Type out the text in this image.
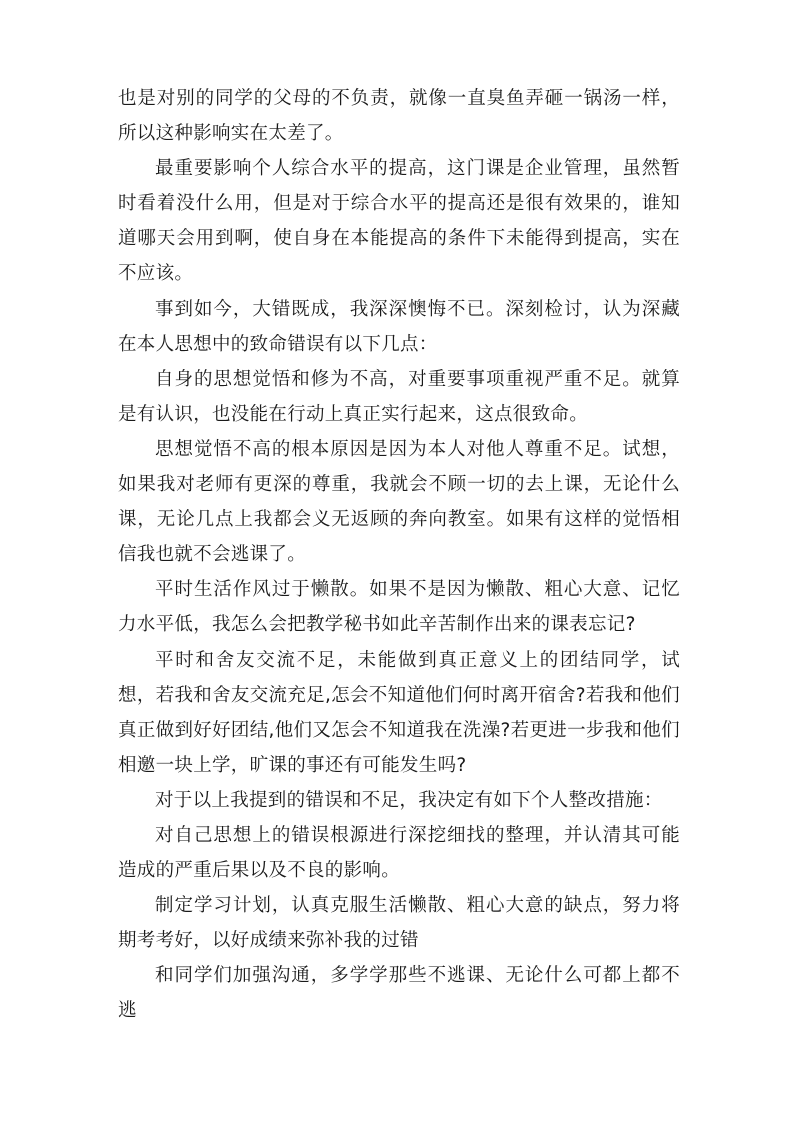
也是对别的同学的父母的不负责，就像一直臭鱼弄砸一锅汤一样，所以这种影响实在太差了。

最重要影响个人综合水平的提高，这门课是企业管理，虽然暂时看着没什么用，但是对于综合水平的提高还是很有效果的，谁知道哪天会用到啊，使自身在本能提高的条件下未能得到提高，实在不应该。

事到如今，大错既成，我深深懊悔不已。深刻检讨，认为深藏在本人思想中的致命错误有以下几点：

自身的思想觉悟和修为不高，对重要事项重视严重不足。就算是有认识，也没能在行动上真正实行起来，这点很致命。

思想觉悟不高的根本原因是因为本人对他人尊重不足。试想，如果我对老师有更深的尊重，我就会不顾一切的去上课，无论什么课，无论几点上我都会义无返顾的奔向教室。如果有这样的觉悟相信我也就不会逃课了。

平时生活作风过于懒散。如果不是因为懒散、粗心大意、记忆力水平低，我怎么会把教学秘书如此辛苦制作出来的课表忘记?

平时和舍友交流不足，未能做到真正意义上的团结同学，试想，若我和舍友交流充足,怎会不知道他们何时离开宿舍?若我和他们真正做到好好团结,他们又怎会不知道我在洗澡?若更进一步我和他们相邀一块上学，旷课的事还有可能发生吗?

对于以上我提到的错误和不足，我决定有如下个人整改措施：

对自己思想上的错误根源进行深挖细找的整理，并认清其可能造成的严重后果以及不良的影响。

制定学习计划，认真克服生活懒散、粗心大意的缺点，努力将期考考好，以好成绩来弥补我的过错

和同学们加强沟通，多学学那些不逃课、无论什么可都上都不逃
